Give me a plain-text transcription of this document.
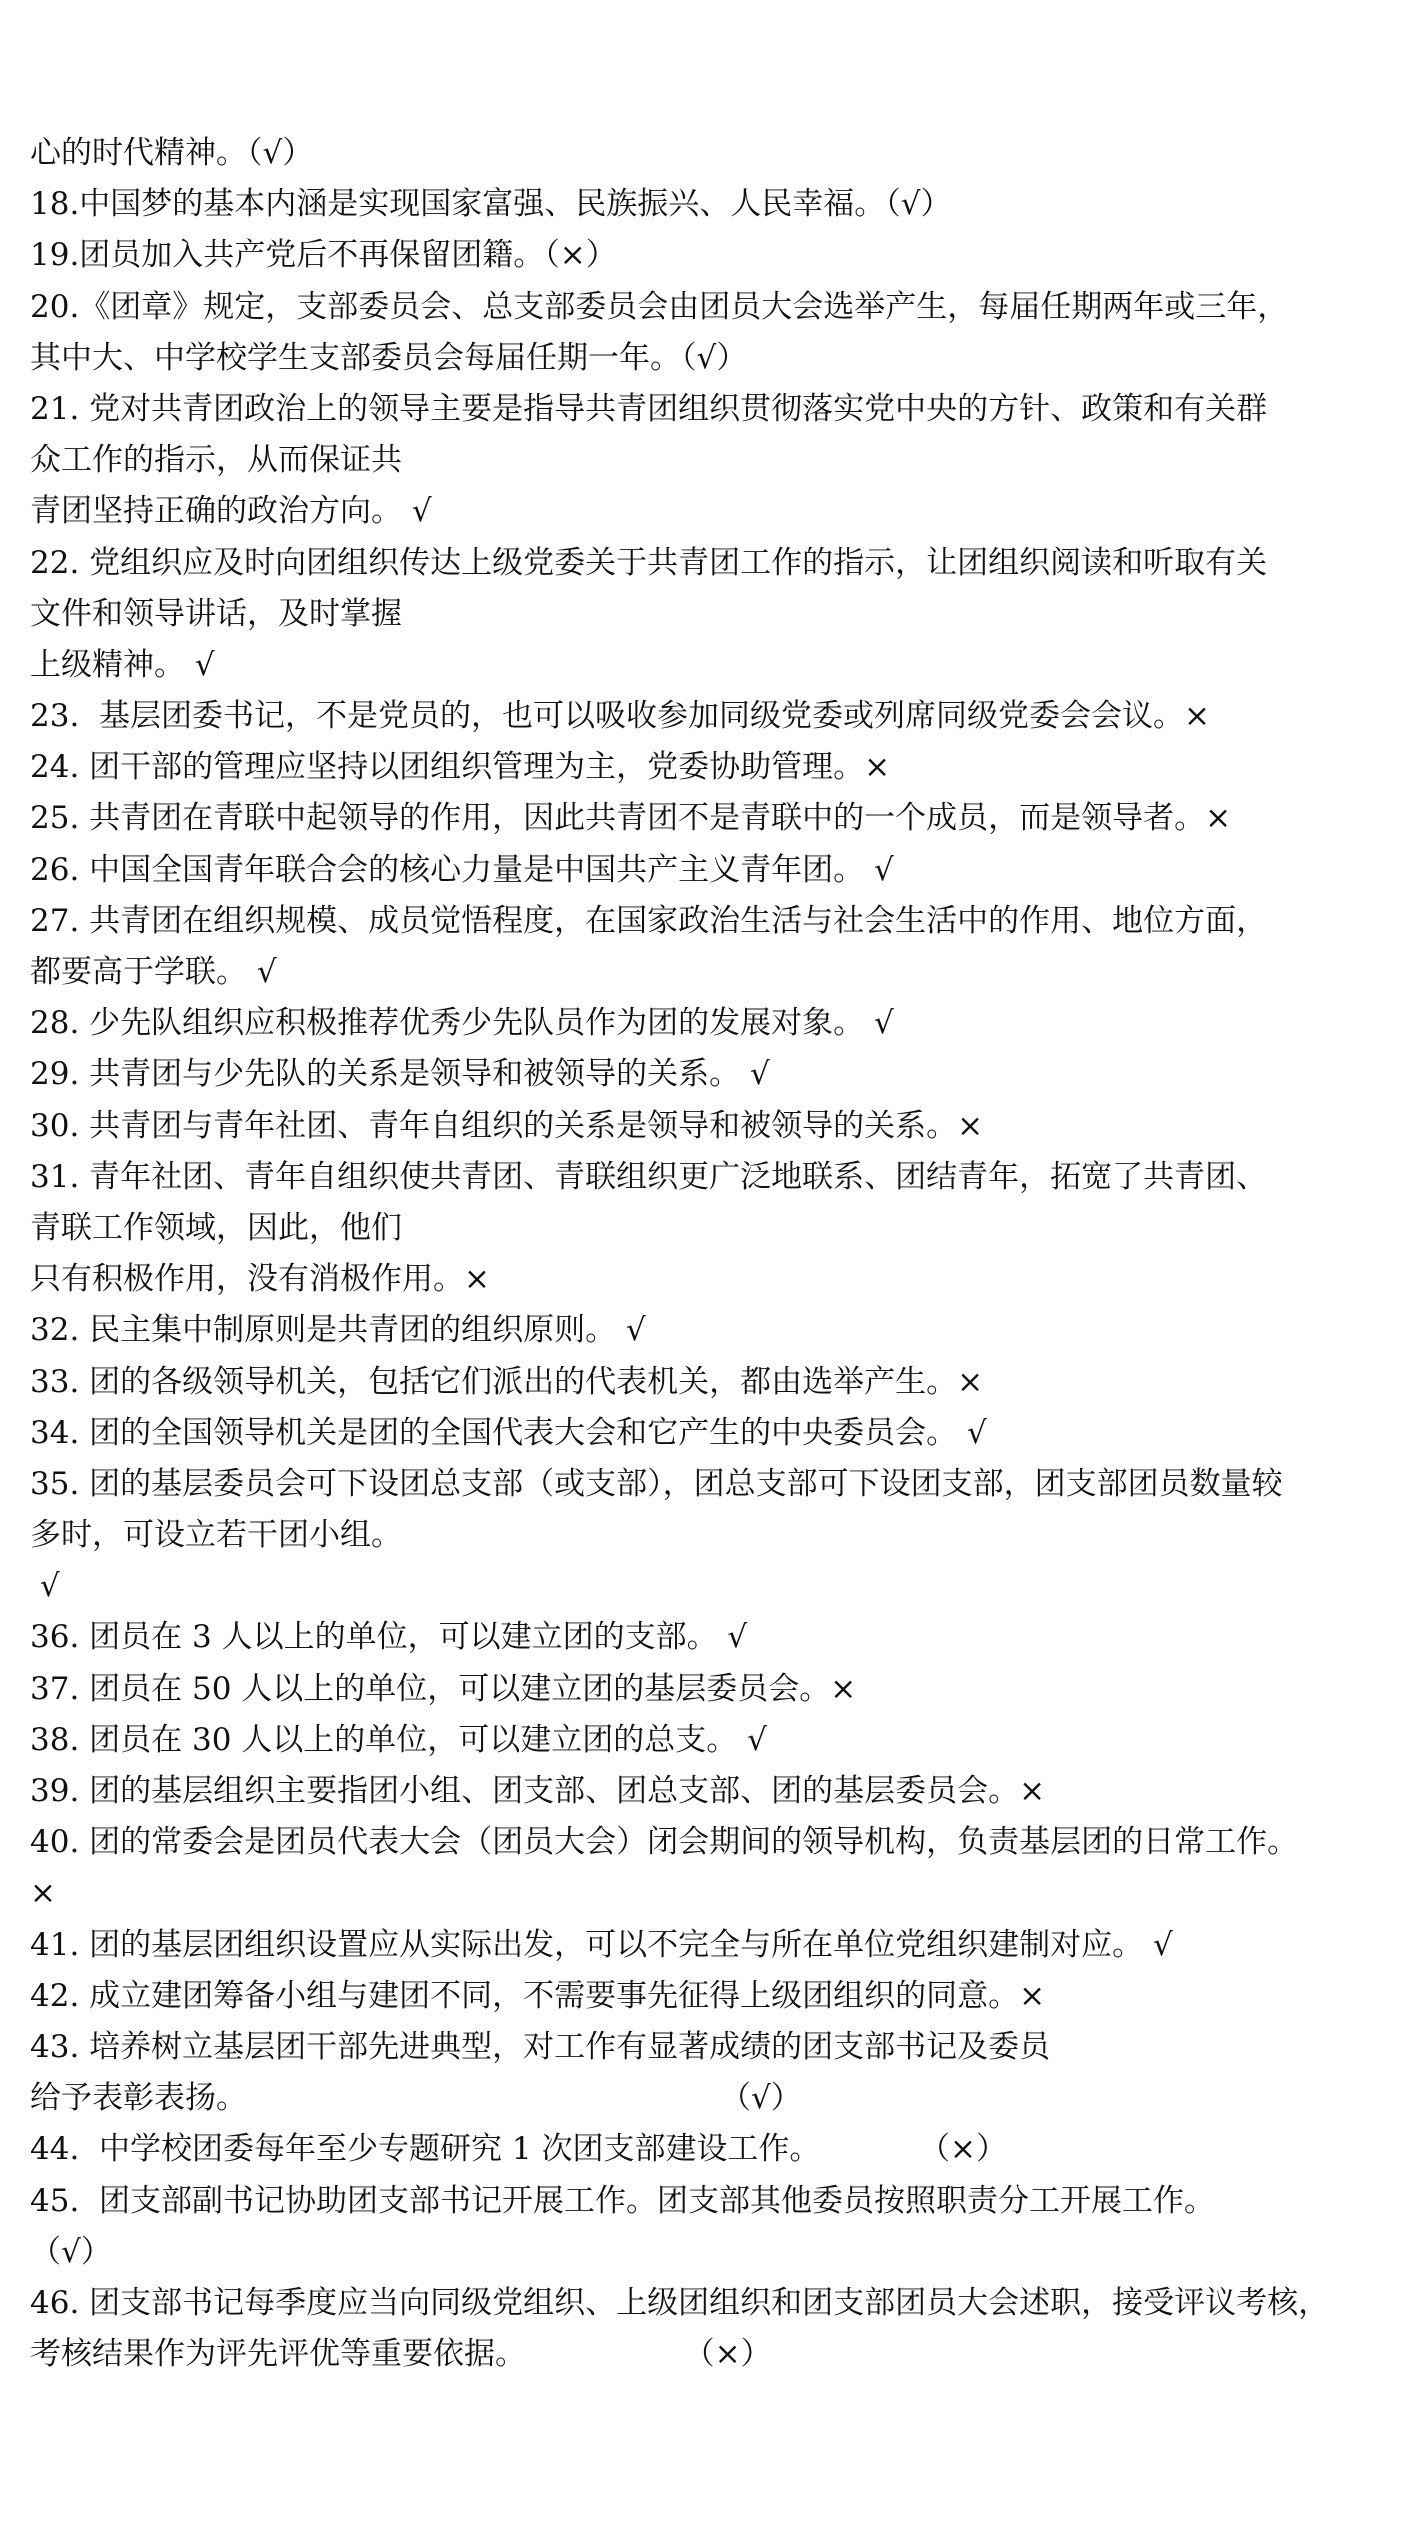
心的时代精神。（√）
18.中国梦的基本内涵是实现国家富强、民族振兴、人民幸福。（√）
19.团员加入共产党后不再保留团籍。（×）
20.《团章》规定，支部委员会、总支部委员会由团员大会选举产生，每届任期两年或三年，
其中大、中学校学生支部委员会每届任期一年。（√）
21. 党对共青团政治上的领导主要是指导共青团组织贯彻落实党中央的方针、政策和有关群
众工作的指示，从而保证共
青团坚持正确的政治方向。 √
22. 党组织应及时向团组织传达上级党委关于共青团工作的指示，让团组织阅读和听取有关
文件和领导讲话，及时掌握
上级精神。 √
23.  基层团委书记，不是党员的，也可以吸收参加同级党委或列席同级党委会会议。×
24. 团干部的管理应坚持以团组织管理为主，党委协助管理。×
25. 共青团在青联中起领导的作用，因此共青团不是青联中的一个成员，而是领导者。×
26. 中国全国青年联合会的核心力量是中国共产主义青年团。 √
27. 共青团在组织规模、成员觉悟程度，在国家政治生活与社会生活中的作用、地位方面，
都要高于学联。 √
28. 少先队组织应积极推荐优秀少先队员作为团的发展对象。 √
29. 共青团与少先队的关系是领导和被领导的关系。 √
30. 共青团与青年社团、青年自组织的关系是领导和被领导的关系。×
31. 青年社团、青年自组织使共青团、青联组织更广泛地联系、团结青年，拓宽了共青团、
青联工作领域，因此，他们
只有积极作用，没有消极作用。×
32. 民主集中制原则是共青团的组织原则。 √
33. 团的各级领导机关，包括它们派出的代表机关，都由选举产生。×
34. 团的全国领导机关是团的全国代表大会和它产生的中央委员会。 √
35. 团的基层委员会可下设团总支部（或支部），团总支部可下设团支部，团支部团员数量较
多时，可设立若干团小组。
√
36. 团员在 3 人以上的单位，可以建立团的支部。 √
37. 团员在 50 人以上的单位，可以建立团的基层委员会。×
38. 团员在 30 人以上的单位，可以建立团的总支。 √
39. 团的基层组织主要指团小组、团支部、团总支部、团的基层委员会。×
40. 团的常委会是团员代表大会（团员大会）闭会期间的领导机构，负责基层团的日常工作。
×
41. 团的基层团组织设置应从实际出发，可以不完全与所在单位党组织建制对应。 √
42. 成立建团筹备小组与建团不同，不需要事先征得上级团组织的同意。×
43. 培养树立基层团干部先进典型，对工作有显著成绩的团支部书记及委员
给予表彰表扬。                                                （√）
44.  中学校团委每年至少专题研究 1 次团支部建设工作。          （×）
45.  团支部副书记协助团支部书记开展工作。团支部其他委员按照职责分工开展工作。
（√）
46. 团支部书记每季度应当向同级党组织、上级团组织和团支部团员大会述职，接受评议考核，
考核结果作为评先评优等重要依据。                （×）
